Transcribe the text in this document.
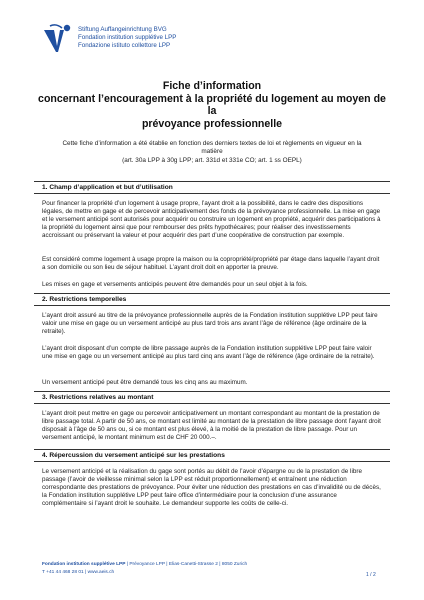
Stiftung Auffangeinrichtung BVG
Fondation institution supplétive LPP
Fondazione istituto collettore LPP
Fiche d’information
concernant l’encouragement à la propriété du logement au moyen de la
prévoyance professionnelle
Cette fiche d’information a été établie en fonction des derniers textes de loi et règlements en vigueur en la
matière
(art. 30a LPP à 30g LPP; art. 331d et 331e CO; art. 1 ss OEPL)
1. Champ d’application et but d’utilisation
Pour financer la propriété d’un logement à usage propre, l’ayant droit a la possibilité, dans le cadre des dispositions légales, de mettre en gage et de percevoir anticipativement des fonds de la prévoyance professionnelle. La mise en gage et le versement anticipé sont autorisés pour acquérir ou construire un logement en propriété, acquérir des participations à la propriété du logement ainsi que pour rembourser des prêts hypothécaires; pour réaliser des investissements accroissant ou préservant la valeur et pour acquérir des part d’une coopérative de construction par exemple.
Est considéré comme logement à usage propre la maison ou la copropriété/propriété par étage dans laquelle l’ayant droit a son domicile ou son lieu de séjour habituel. L’ayant droit doit en apporter la preuve.
Les mises en gage et versements anticipés peuvent être demandés pour un seul objet à la fois.
2. Restrictions temporelles
L’ayant droit assuré au titre de la prévoyance professionnelle auprès de la Fondation institution supplétive LPP peut faire valoir une mise en gage ou un versement anticipé au plus tard trois ans avant l’âge de référence (âge ordinaire de la retraite).
L’ayant droit disposant d’un compte de libre passage auprès de la Fondation institution supplétive LPP peut faire valoir une mise en gage ou un versement anticipé au plus tard cinq ans avant l’âge de référence (âge ordinaire de la retraite).
Un versement anticipé peut être demandé tous les cinq ans au maximum.
3. Restrictions relatives au montant
L’ayant droit peut mettre en gage ou percevoir anticipativement un montant correspondant au montant de la prestation de libre passage total. A partir de 50 ans, ce montant est limité au montant de la prestation de libre passage dont l’ayant droit disposait à l’âge de 50 ans ou, si ce montant est plus élevé, à la moitié de la prestation de libre passage. Pour un versement anticipé, le montant minimum est de CHF 20 000.–.
4. Répercussion du versement anticipé sur les prestations
Le versement anticipé et la réalisation du gage sont portés au débit de l’avoir d’épargne ou de la prestation de libre passage (l’avoir de vieillesse minimal selon la LPP est réduit proportionnellement) et entraînent une réduction correspondante des prestations de prévoyance. Pour éviter une réduction des prestations en cas d’invalidité ou de décès, la Fondation institution supplétive LPP peut faire office d’intermédiaire pour la conclusion d’une assurance complémentaire si l’ayant droit le souhaite. Le demandeur supporte les coûts de celle-ci.
Fondation institution supplétive LPP | Prévoyance LPP | Elias-Canetti-Strasse 2 | 8050 Zurich
T +41 44 468 28 01 | www.aeis.ch	1 / 2
